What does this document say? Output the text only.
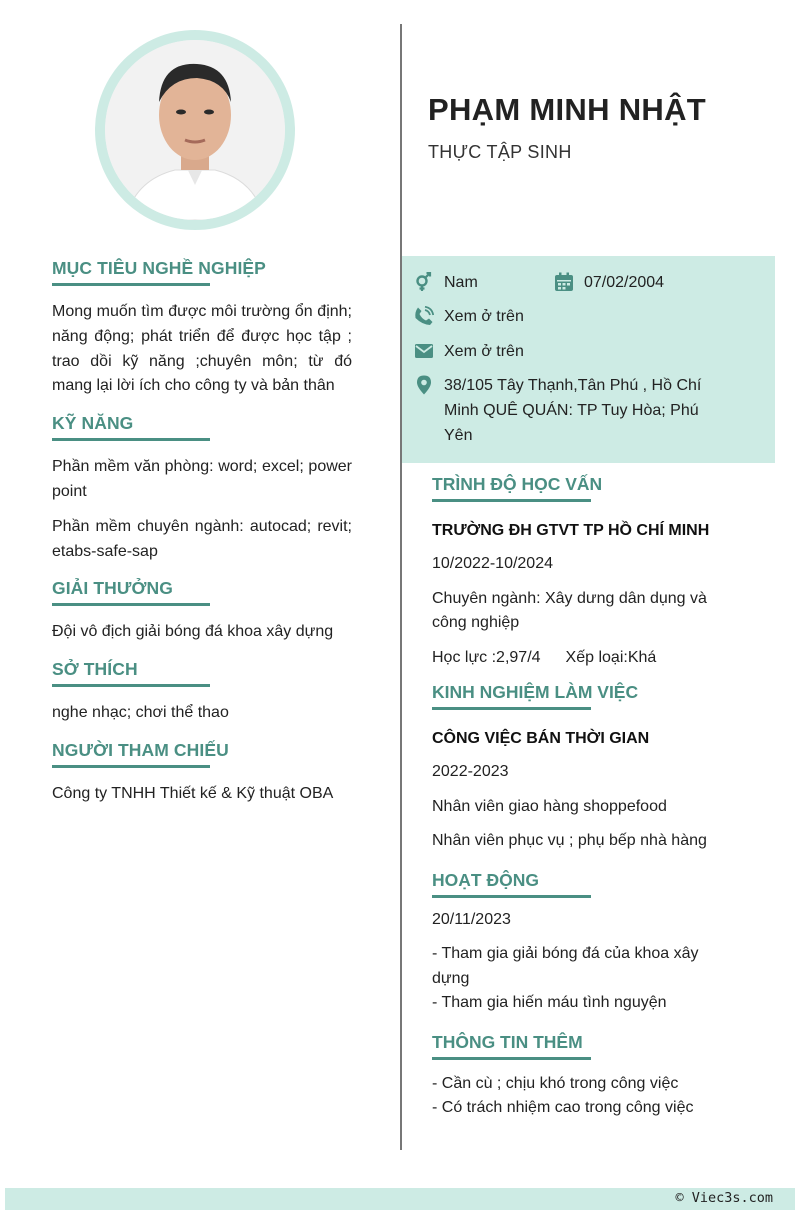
MỤC TIÊU NGHỀ NGHIỆP
Mong muốn tìm được môi trường ổn định; năng động; phát triển để được học tập ; trao dồi kỹ năng ;chuyên môn; từ đó mang lại lời ích cho công ty và bản thân
KỸ NĂNG
Phần mềm văn phòng: word; excel; power point
Phần mềm chuyên ngành: autocad; revit; etabs-safe-sap
GIẢI THƯỞNG
Đội vô địch giải bóng đá khoa xây dựng
SỞ THÍCH
nghe nhạc; chơi thể thao
NGƯỜI THAM CHIẾU
Công ty TNHH Thiết kế & Kỹ thuật OBA
PHẠM MINH NHẬT
THỰC TẬP SINH
Nam	07/02/2004
Xem ở trên
Xem ở trên
38/105 Tây Thạnh,Tân Phú , Hồ Chí Minh QUÊ QUÁN: TP Tuy Hòa; Phú Yên
TRÌNH ĐỘ HỌC VẤN
TRƯỜNG ĐH GTVT TP HỒ CHÍ MINH
10/2022-10/2024
Chuyên ngành: Xây dưng dân dụng và công nghiệp
Học lực :2,97/4 Xếp loại:Khá
KINH NGHIỆM LÀM VIỆC
CÔNG VIỆC BÁN THỜI GIAN
2022-2023
Nhân viên giao hàng shoppefood
Nhân viên phục vụ ; phụ bếp nhà hàng
HOẠT ĐỘNG
20/11/2023
- Tham gia giải bóng đá của khoa xây dựng
- Tham gia hiến máu tình nguyện
THÔNG TIN THÊM
- Cần cù ; chịu khó trong công việc
- Có trách nhiệm cao trong công việc
© Viec3s.com
